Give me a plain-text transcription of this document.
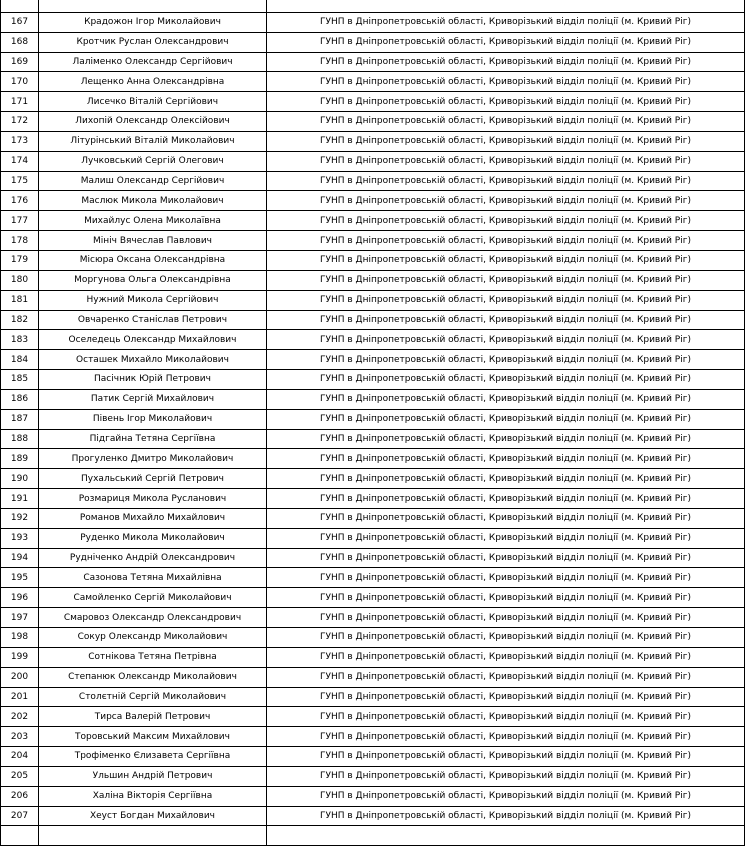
167	Крадожон Ігор Миколайович	ГУНП в Дніпропетровській області, Криворізький відділ поліції (м. Кривий Ріг)
168	Кротчик Руслан Олександрович	ГУНП в Дніпропетровській області, Криворізький відділ поліції (м. Кривий Ріг)
169	Лаліменко Олександр Сергійович	ГУНП в Дніпропетровській області, Криворізький відділ поліції (м. Кривий Ріг)
170	Лещенко Анна Олександрівна	ГУНП в Дніпропетровській області, Криворізький відділ поліції (м. Кривий Ріг)
171	Лисечко Віталій Сергійович	ГУНП в Дніпропетровській області, Криворізький відділ поліції (м. Кривий Ріг)
172	Лихопій Олександр Олексійович	ГУНП в Дніпропетровській області, Криворізький відділ поліції (м. Кривий Ріг)
173	Літурінський Віталій Миколайович	ГУНП в Дніпропетровській області, Криворізький відділ поліції (м. Кривий Ріг)
174	Лучковський Сергій Олегович	ГУНП в Дніпропетровській області, Криворізький відділ поліції (м. Кривий Ріг)
175	Малиш Олександр Сергійович	ГУНП в Дніпропетровській області, Криворізький відділ поліції (м. Кривий Ріг)
176	Маслюк Микола Миколайович	ГУНП в Дніпропетровській області, Криворізький відділ поліції (м. Кривий Ріг)
177	Михайлус Олена Миколаївна	ГУНП в Дніпропетровській області, Криворізький відділ поліції (м. Кривий Ріг)
178	Мініч Вячеслав Павлович	ГУНП в Дніпропетровській області, Криворізький відділ поліції (м. Кривий Ріг)
179	Місюра Оксана Олександрівна	ГУНП в Дніпропетровській області, Криворізький відділ поліції (м. Кривий Ріг)
180	Моргунова Ольга Олександрівна	ГУНП в Дніпропетровській області, Криворізький відділ поліції (м. Кривий Ріг)
181	Нужний Микола Сергійович	ГУНП в Дніпропетровській області, Криворізький відділ поліції (м. Кривий Ріг)
182	Овчаренко Станіслав Петрович	ГУНП в Дніпропетровській області, Криворізький відділ поліції (м. Кривий Ріг)
183	Оселедець Олександр Михайлович	ГУНП в Дніпропетровській області, Криворізький відділ поліції (м. Кривий Ріг)
184	Осташек Михайло Миколайович	ГУНП в Дніпропетровській області, Криворізький відділ поліції (м. Кривий Ріг)
185	Пасічник Юрій Петрович	ГУНП в Дніпропетровській області, Криворізький відділ поліції (м. Кривий Ріг)
186	Патик Сергій Михайлович	ГУНП в Дніпропетровській області, Криворізький відділ поліції (м. Кривий Ріг)
187	Півень Ігор Миколайович	ГУНП в Дніпропетровській області, Криворізький відділ поліції (м. Кривий Ріг)
188	Підгайна Тетяна Сергіївна	ГУНП в Дніпропетровській області, Криворізький відділ поліції (м. Кривий Ріг)
189	Прогуленко Дмитро Миколайович	ГУНП в Дніпропетровській області, Криворізький відділ поліції (м. Кривий Ріг)
190	Пухальський Сергій Петрович	ГУНП в Дніпропетровській області, Криворізький відділ поліції (м. Кривий Ріг)
191	Розмариця Микола Русланович	ГУНП в Дніпропетровській області, Криворізький відділ поліції (м. Кривий Ріг)
192	Романов Михайло Михайлович	ГУНП в Дніпропетровській області, Криворізький відділ поліції (м. Кривий Ріг)
193	Руденко Микола Миколайович	ГУНП в Дніпропетровській області, Криворізький відділ поліції (м. Кривий Ріг)
194	Рудніченко Андрій Олександрович	ГУНП в Дніпропетровській області, Криворізький відділ поліції (м. Кривий Ріг)
195	Сазонова Тетяна Михайлівна	ГУНП в Дніпропетровській області, Криворізький відділ поліції (м. Кривий Ріг)
196	Самойленко Сергій Миколайович	ГУНП в Дніпропетровській області, Криворізький відділ поліції (м. Кривий Ріг)
197	Смаровоз Олександр Олександрович	ГУНП в Дніпропетровській області, Криворізький відділ поліції (м. Кривий Ріг)
198	Сокур Олександр Миколайович	ГУНП в Дніпропетровській області, Криворізький відділ поліції (м. Кривий Ріг)
199	Сотнікова Тетяна Петрівна	ГУНП в Дніпропетровській області, Криворізький відділ поліції (м. Кривий Ріг)
200	Степанюк Олександр Миколайович	ГУНП в Дніпропетровській області, Криворізький відділ поліції (м. Кривий Ріг)
201	Столєтній Сергій Миколайович	ГУНП в Дніпропетровській області, Криворізький відділ поліції (м. Кривий Ріг)
202	Тирса Валерій Петрович	ГУНП в Дніпропетровській області, Криворізький відділ поліції (м. Кривий Ріг)
203	Торовський Максим Михайлович	ГУНП в Дніпропетровській області, Криворізький відділ поліції (м. Кривий Ріг)
204	Трофіменко Єлизавета Сергіївна	ГУНП в Дніпропетровській області, Криворізький відділ поліції (м. Кривий Ріг)
205	Ульшин Андрій Петрович	ГУНП в Дніпропетровській області, Криворізький відділ поліції (м. Кривий Ріг)
206	Халіна Вікторія Сергіївна	ГУНП в Дніпропетровській області, Криворізький відділ поліції (м. Кривий Ріг)
207	Хеуст Богдан Михайлович	ГУНП в Дніпропетровській області, Криворізький відділ поліції (м. Кривий Ріг)
